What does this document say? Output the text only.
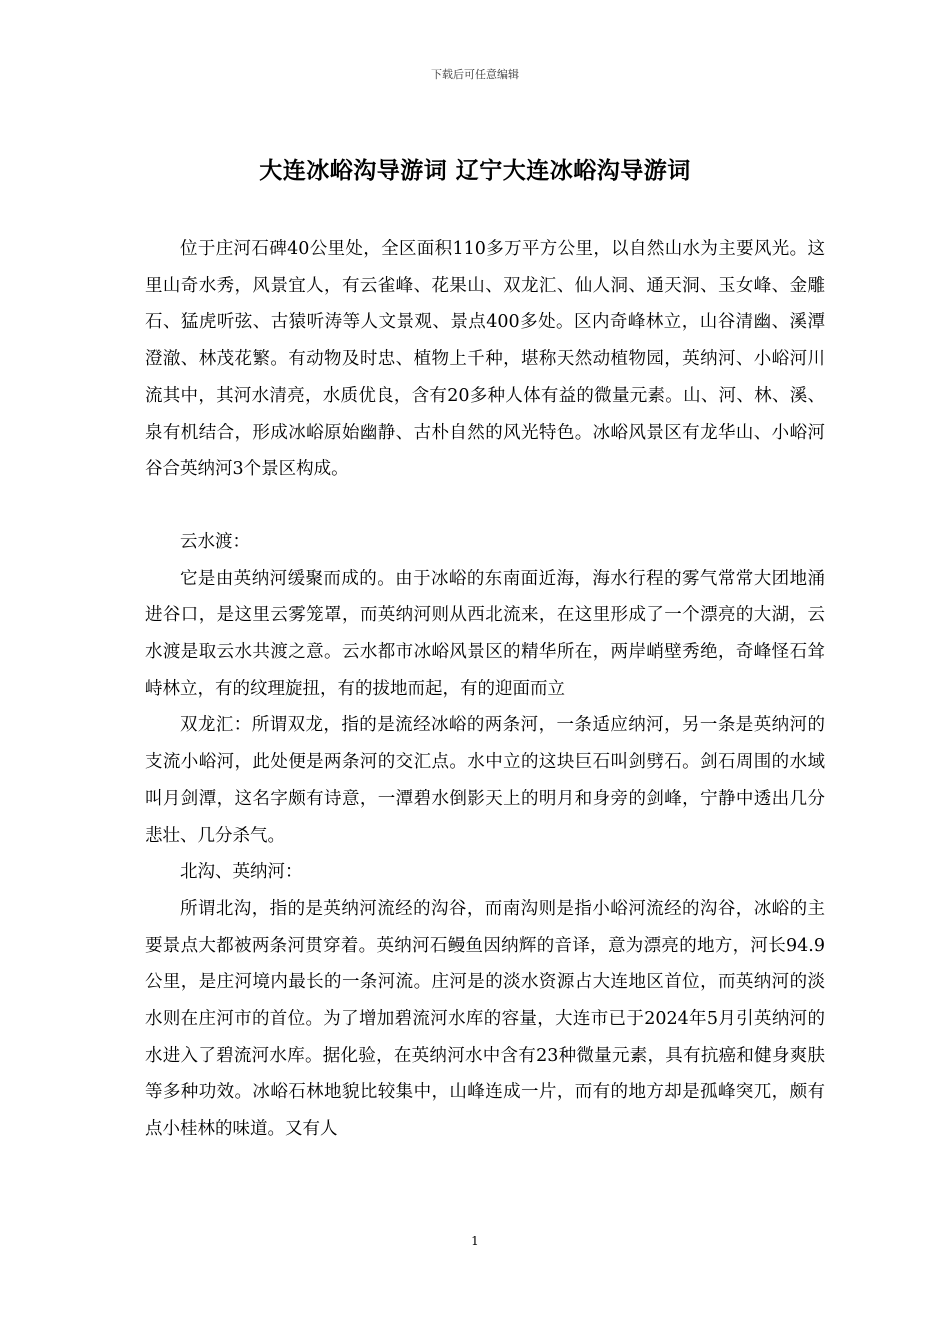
下载后可任意编辑
大连冰峪沟导游词 辽宁大连冰峪沟导游词

位于庄河石碑40公里处，全区面积110多万平方公里，以自然山水为主要风光。这里山奇水秀，风景宜人，有云雀峰、花果山、双龙汇、仙人洞、通天洞、玉女峰、金雕石、猛虎听弦、古猿听涛等人文景观、景点400多处。区内奇峰林立，山谷清幽、溪潭澄澈、林茂花繁。有动物及时忠、植物上千种，堪称天然动植物园，英纳河、小峪河川流其中，其河水清亮，水质优良，含有20多种人体有益的微量元素。山、河、林、溪、泉有机结合，形成冰峪原始幽静、古朴自然的风光特色。冰峪风景区有龙华山、小峪河谷合英纳河3个景区构成。

云水渡：

它是由英纳河缓聚而成的。由于冰峪的东南面近海，海水行程的雾气常常大团地涌进谷口，是这里云雾笼罩，而英纳河则从西北流来，在这里形成了一个漂亮的大湖，云水渡是取云水共渡之意。云水都市冰峪风景区的精华所在，两岸峭壁秀绝，奇峰怪石耸峙林立，有的纹理旋扭，有的拔地而起，有的迎面而立

双龙汇：所谓双龙，指的是流经冰峪的两条河，一条适应纳河，另一条是英纳河的支流小峪河，此处便是两条河的交汇点。水中立的这块巨石叫剑劈石。剑石周围的水域叫月剑潭，这名字颇有诗意，一潭碧水倒影天上的明月和身旁的剑峰，宁静中透出几分悲壮、几分杀气。

北沟、英纳河：

所谓北沟，指的是英纳河流经的沟谷，而南沟则是指小峪河流经的沟谷，冰峪的主要景点大都被两条河贯穿着。英纳河石鳗鱼因纳辉的音译，意为漂亮的地方，河长94.9公里，是庄河境内最长的一条河流。庄河是的淡水资源占大连地区首位，而英纳河的淡水则在庄河市的首位。为了增加碧流河水库的容量，大连市已于2024年5月引英纳河的水进入了碧流河水库。据化验，在英纳河水中含有23种微量元素，具有抗癌和健身爽肤等多种功效。冰峪石林地貌比较集中，山峰连成一片，而有的地方却是孤峰突兀，颇有点小桂林的味道。又有人

1
